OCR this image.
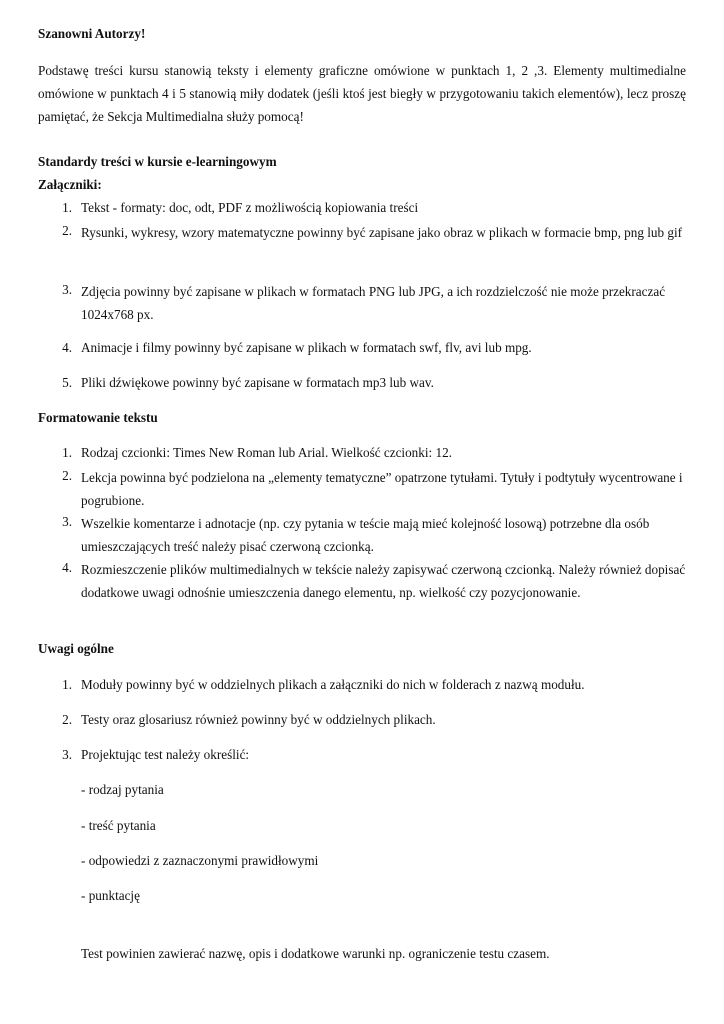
Szanowni Autorzy!
Podstawę treści kursu stanowią teksty i elementy graficzne omówione w punktach 1, 2 ,3. Elementy multimedialne omówione w punktach 4 i 5 stanowią miły dodatek (jeśli ktoś jest biegły w przygotowaniu takich elementów), lecz proszę pamiętać, że Sekcja Multimedialna służy pomocą!
Standardy treści w kursie e-learningowym
Załączniki:
1. Tekst - formaty: doc, odt, PDF z możliwością kopiowania treści
2. Rysunki, wykresy, wzory matematyczne powinny być zapisane jako obraz w plikach w formacie bmp, png lub gif
3. Zdjęcia powinny być zapisane w plikach w formatach PNG lub JPG, a ich rozdzielczość nie może przekraczać 1024x768 px.
4. Animacje i filmy powinny być zapisane w plikach w formatach swf, flv, avi lub mpg.
5. Pliki dźwiękowe powinny być zapisane w formatach mp3 lub wav.
Formatowanie tekstu
1. Rodzaj czcionki: Times New Roman lub Arial. Wielkość czcionki: 12.
2. Lekcja powinna być podzielona na „elementy tematyczne” opatrzone tytułami. Tytuły i podtytuły wycentrowane i pogrubione.
3. Wszelkie komentarze i adnotacje (np. czy pytania w teście mają mieć kolejność losową) potrzebne dla osób umieszczających treść należy pisać czerwoną czcionką.
4. Rozmieszczenie plików multimedialnych w tekście należy zapisywać czerwoną czcionką. Należy również dopisać dodatkowe uwagi odnośnie umieszczenia danego elementu, np. wielkość czy pozycjonowanie.
Uwagi ogólne
1. Moduły powinny być w oddzielnych plikach a załączniki do nich w folderach z nazwą modułu.
2. Testy oraz glosariusz również powinny być w oddzielnych plikach.
3. Projektując test należy określić:
- rodzaj pytania
- treść pytania
- odpowiedzi z zaznaczonymi prawidłowymi
- punktację
Test powinien zawierać nazwę, opis i dodatkowe warunki np. ograniczenie testu czasem.
